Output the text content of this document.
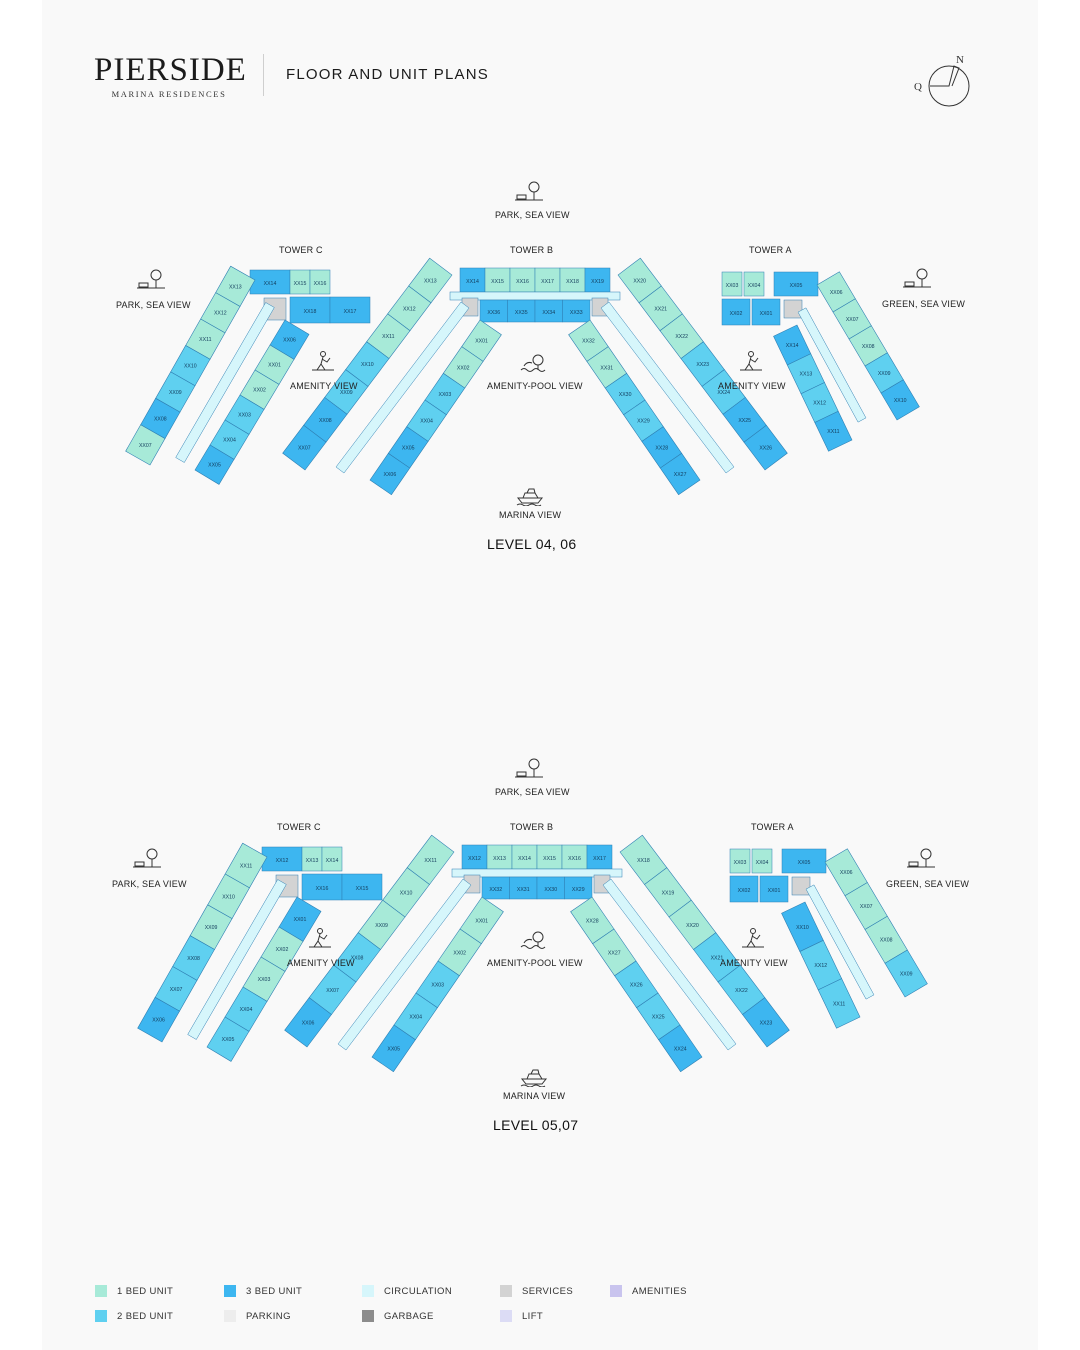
PIERSIDE
MARINA RESIDENCES
FLOOR AND UNIT PLANS
N
Q
XX14	XX15 XX16
XX18	XX17
XX13
XX12
XX11
XX10
XX09
XX08
XX07
XX06
XX01
XX02
XX03
XX04
XX05
XX14 XX15 XX16 XX17 XX18 XX19
XX36	XX35	XX34	XX33
XX13
XX12
XX11
XX10
XX09
XX08
XX07
XX01
XX02
XX03
XX04
XX05
XX06
XX20
XX21
XX22
XX23
XX24
XX25
XX26
XX32
XX31
XX30
XX29
XX28
XX27
XX03 XX04	XX05
XX02	XX01
XX06
XX07
XX08
XX09
XX10
XX14
XX13
XX12
XX11
PARK, SEA VIEW
TOWER C	TOWER B	TOWER A
PARK, SEA VIEW	GREEN, SEA VIEW
AMENITY VIEW	AMENITY VIEW
AMENITY-POOL VIEW
MARINA VIEW
LEVEL 04, 06
XX12	XX13 XX14
XX16	XX15
XX11
XX10
XX09
XX08
XX07
XX06
XX01
XX02
XX03
XX04
XX05
XX12 XX13 XX14 XX15 XX16 XX17
XX32	XX31	XX30	XX29
XX11
XX10
XX09
XX08
XX07
XX06
XX01
XX02
XX03
XX04
XX05
XX18
XX19
XX20
XX21
XX22
XX23
XX28
XX27
XX26
XX25
XX24
XX03 XX04	XX05
XX02	XX01
XX06
XX07
XX08
XX09
XX10
XX12
XX11
PARK, SEA VIEW
TOWER C	TOWER B	TOWER A
PARK, SEA VIEW	GREEN, SEA VIEW
AMENITY VIEW	AMENITY VIEW
AMENITY-POOL VIEW
MARINA VIEW
LEVEL 05,07
1 BED UNIT
2 BED UNIT
3 BED UNIT
PARKING
CIRCULATION
GARBAGE
SERVICES
LIFT
AMENITIES
